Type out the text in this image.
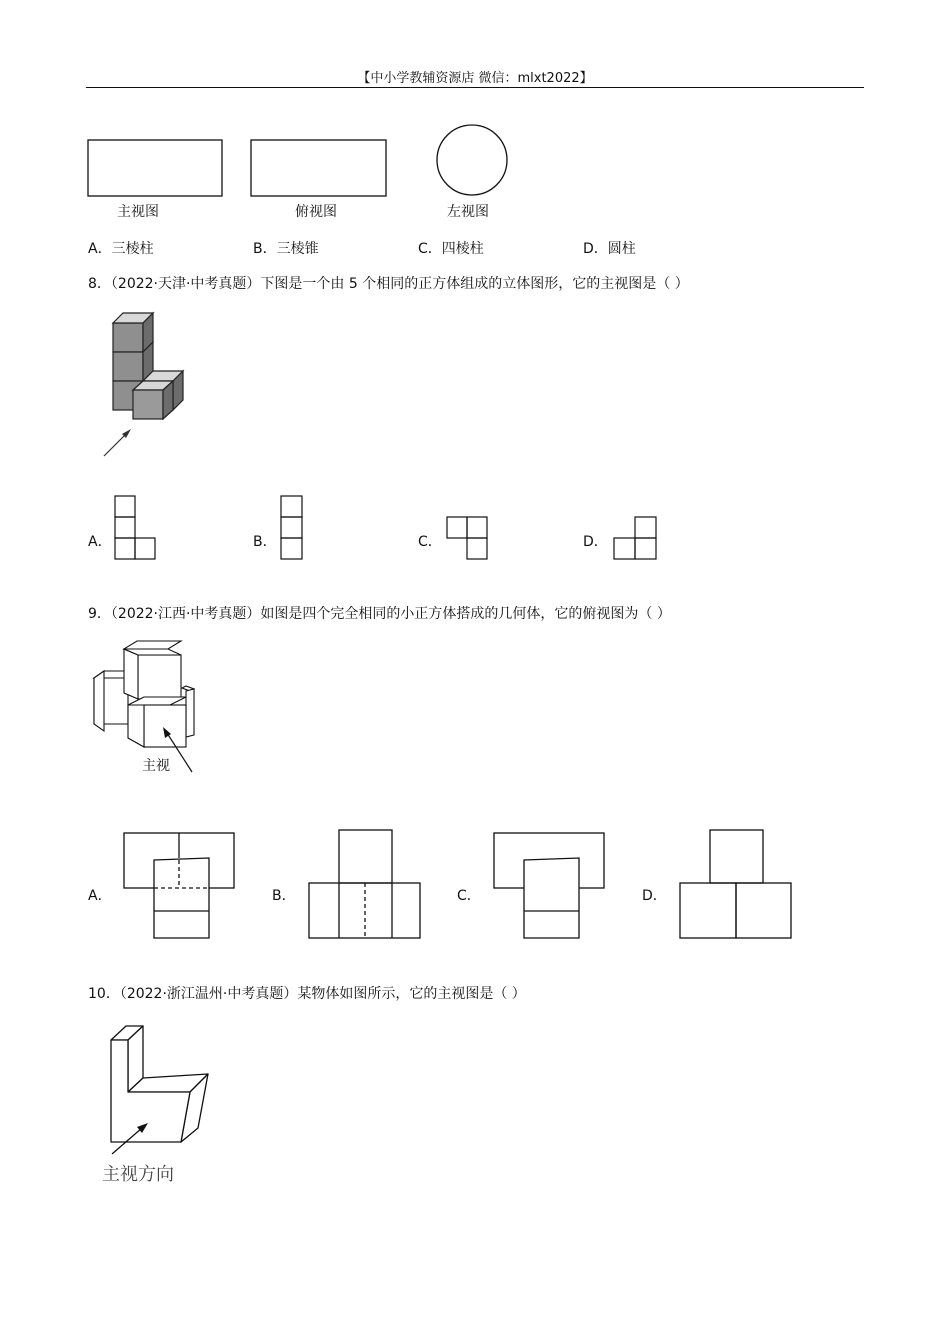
【中小学教辅资源店 微信：mlxt2022】
主视图	俯视图	左视图
A．三棱柱	B．三棱锥	C．四棱柱	D．圆柱
8．（2022·天津·中考真题）下图是一个由 5 个相同的正方体组成的立体图形，它的主视图是（ ）
A．	B．	C．	D．
9．（2022·江西·中考真题）如图是四个完全相同的小正方体搭成的几何体，它的俯视图为（ ）
主视
A．	B．	C．	D．
10．（2022·浙江温州·中考真题）某物体如图所示，它的主视图是（ ）
主视方向
